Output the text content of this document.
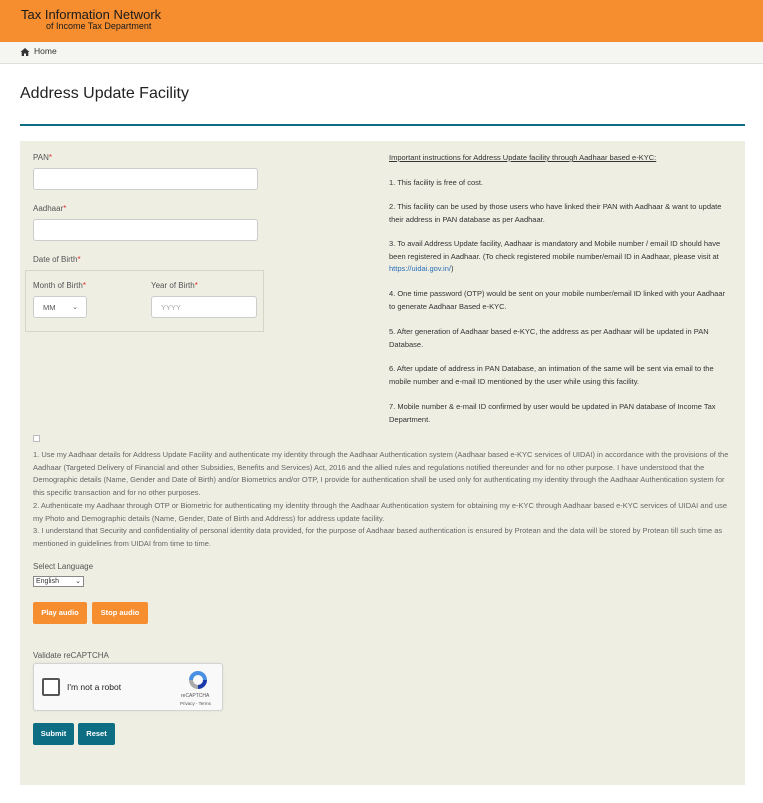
Tax Information Network
of Income Tax Department
Home
Address Update Facility
PAN*
Aadhaar*
Date of Birth*
Month of Birth*
MM ⌄
Year of Birth*
YYYY
Important instructions for Address Update facility through Aadhaar based e-KYC:
1. This facility is free of cost.
2. This facility can be used by those users who have linked their PAN with Aadhaar & want to update their address in PAN database as per Aadhaar.
3. To avail Address Update facility, Aadhaar is mandatory and Mobile number / email ID should have been registered in Aadhaar. (To check registered mobile number/email ID in Aadhaar, please visit at https://uidai.gov.in/)
4. One time password (OTP) would be sent on your mobile number/email ID linked with your Aadhaar to generate Aadhaar Based e-KYC.
5. After generation of Aadhaar based e-KYC, the address as per Aadhaar will be updated in PAN Database.
6. After update of address in PAN Database, an intimation of the same will be sent via email to the mobile number and e-mail ID mentioned by the user while using this facility.
7. Mobile number & e-mail ID confirmed by user would be updated in PAN database of Income Tax Department.
1. Use my Aadhaar details for Address Update Facility and authenticate my identity through the Aadhaar Authentication system (Aadhaar based e-KYC services of UIDAI) in accordance with the provisions of the Aadhaar (Targeted Delivery of Financial and other Subsidies, Benefits and Services) Act, 2016 and the allied rules and regulations notified thereunder and for no other purpose. I have understood that the Demographic details (Name, Gender and Date of Birth) and/or Biometrics and/or OTP, I provide for authentication shall be used only for authenticating my identity through the Aadhaar Authentication system for this specific transaction and for no other purposes.
2. Authenticate my Aadhaar through OTP or Biometric for authenticating my identity through the Aadhaar Authentication system for obtaining my e-KYC through Aadhaar based e-KYC services of UIDAI and use my Photo and Demographic details (Name, Gender, Date of Birth and Address) for address update facility.
3. I understand that Security and confidentiality of personal identity data provided, for the purpose of Aadhaar based authentication is ensured by Protean and the data will be stored by Protean till such time as mentioned in guidelines from UIDAI from time to time.
Select Language
English ⌄
Play audio	Stop audio
Validate reCAPTCHA
I'm not a robot
reCAPTCHA
Privacy - Terms
Submit	Reset
